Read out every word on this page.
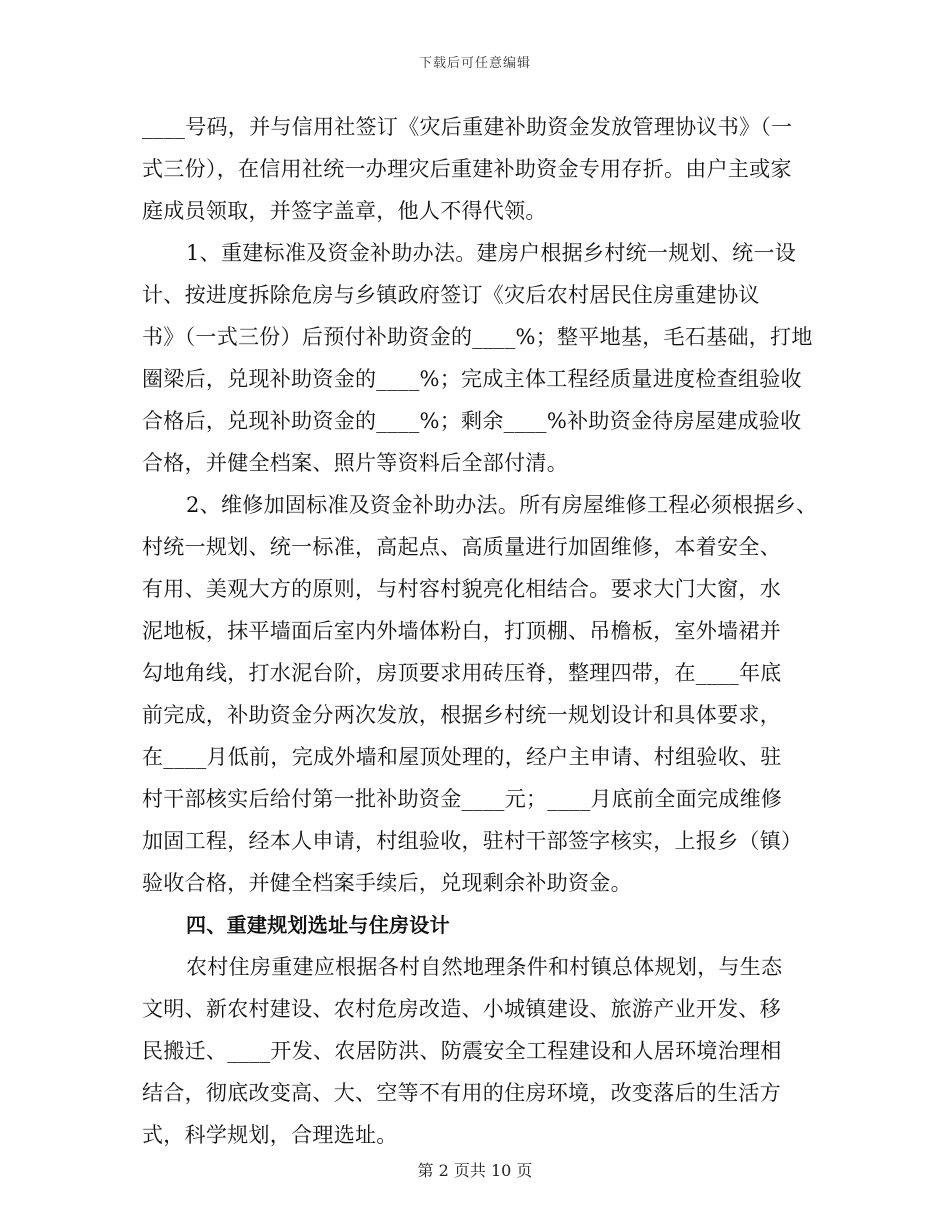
下载后可任意编辑
____号码，并与信用社签订《灾后重建补助资金发放管理协议书》（一
式三份），在信用社统一办理灾后重建补助资金专用存折。由户主或家
庭成员领取，并签字盖章，他人不得代领。
1、重建标准及资金补助办法。建房户根据乡村统一规划、统一设
计、按进度拆除危房与乡镇政府签订《灾后农村居民住房重建协议
书》（一式三份）后预付补助资金的____%；整平地基，毛石基础，打地
圈梁后，兑现补助资金的____%；完成主体工程经质量进度检查组验收
合格后，兑现补助资金的____%；剩余____%补助资金待房屋建成验收
合格，并健全档案、照片等资料后全部付清。
2、维修加固标准及资金补助办法。所有房屋维修工程必须根据乡、
村统一规划、统一标准，高起点、高质量进行加固维修，本着安全、
有用、美观大方的原则，与村容村貌亮化相结合。要求大门大窗，水
泥地板，抹平墙面后室内外墙体粉白，打顶棚、吊檐板，室外墙裙并
勾地角线，打水泥台阶，房顶要求用砖压脊，整理四带，在____年底
前完成，补助资金分两次发放，根据乡村统一规划设计和具体要求，
在____月低前，完成外墙和屋顶处理的，经户主申请、村组验收、驻
村干部核实后给付第一批补助资金____元；____月底前全面完成维修
加固工程，经本人申请，村组验收，驻村干部签字核实，上报乡（镇）
验收合格，并健全档案手续后，兑现剩余补助资金。
四、重建规划选址与住房设计
农村住房重建应根据各村自然地理条件和村镇总体规划，与生态
文明、新农村建设、农村危房改造、小城镇建设、旅游产业开发、移
民搬迁、____开发、农居防洪、防震安全工程建设和人居环境治理相
结合，彻底改变高、大、空等不有用的住房环境，改变落后的生活方
式，科学规划，合理选址。
第 2 页共 10 页
